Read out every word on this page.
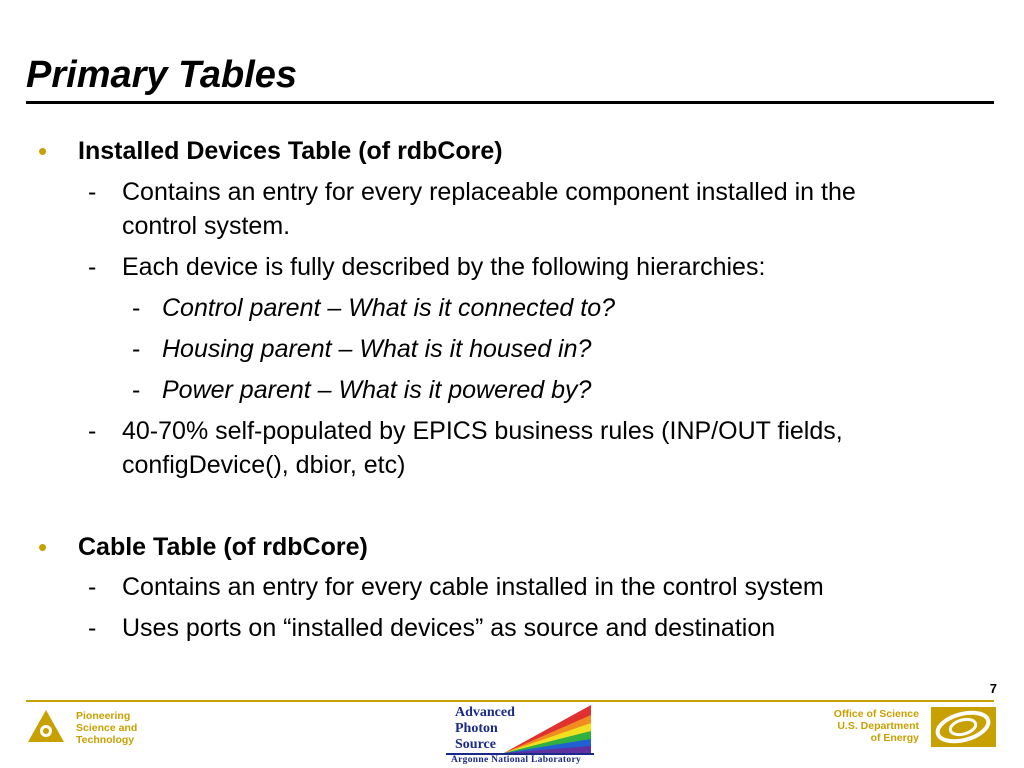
Primary Tables
• Installed Devices Table (of rdbCore)
- Contains an entry for every replaceable component installed in the
control system.
- Each device is fully described by the following hierarchies:
- Control parent – What is it connected to?
- Housing parent – What is it housed in?
- Power parent – What is it powered by?
- 40-70% self-populated by EPICS business rules (INP/OUT fields,
configDevice(), dbior, etc)
• Cable Table (of rdbCore)
- Contains an entry for every cable installed in the control system
- Uses ports on “installed devices” as source and destination
7
Pioneering
Science and
Technology
Advanced
Photon
Source
Argonne National Laboratory
Office of Science
U.S. Department
of Energy
